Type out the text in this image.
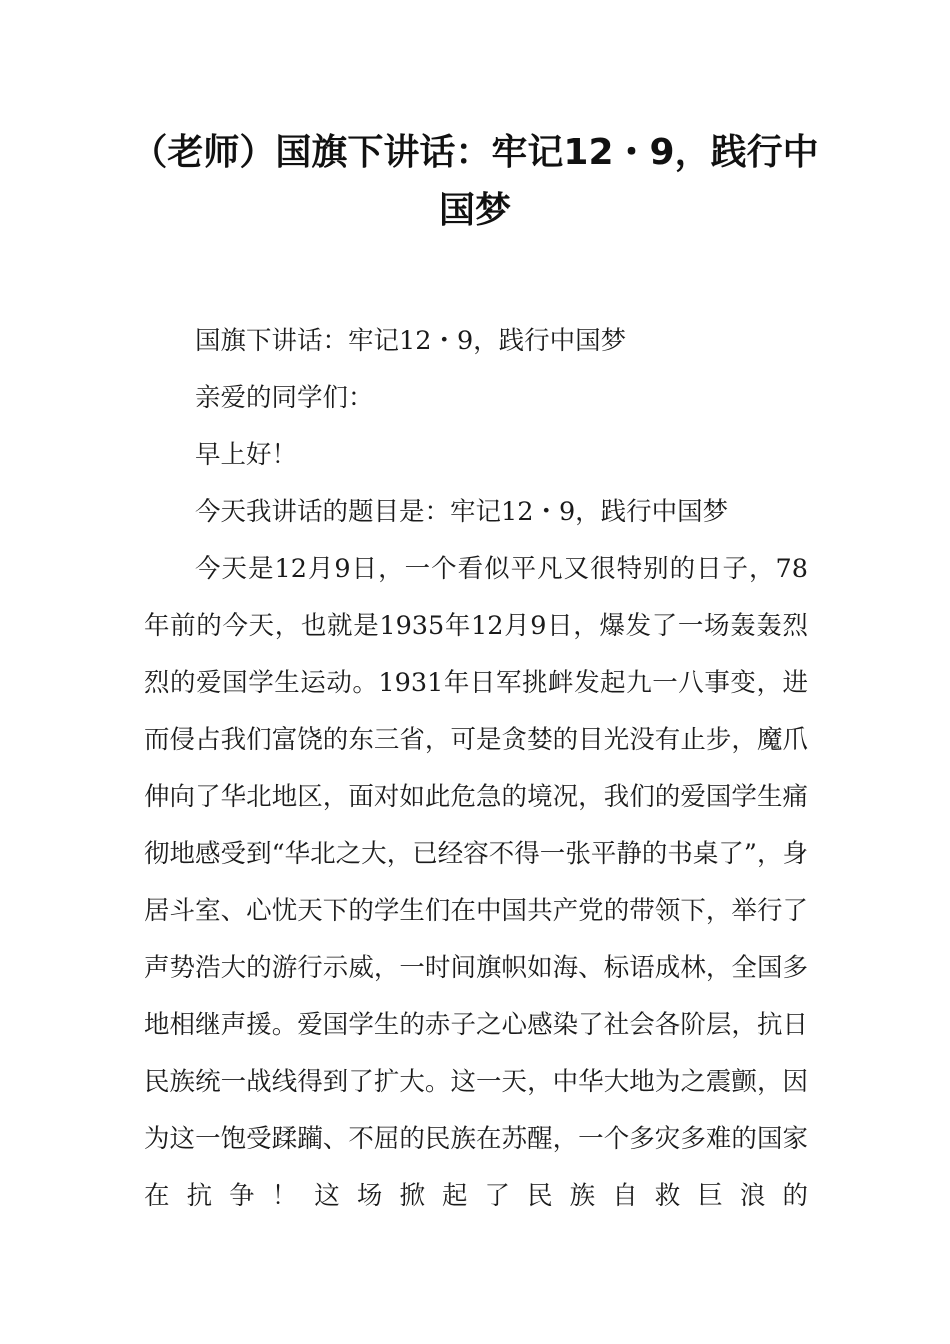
（老师）国旗下讲话：牢记12・9，践行中国梦

国旗下讲话：牢记12・9，践行中国梦

亲爱的同学们：

早上好！

今天我讲话的题目是：牢记12・9，践行中国梦

今天是12月9日，一个看似平凡又很特别的日子，78年前的今天，也就是1935年12月9日，爆发了一场轰轰烈烈的爱国学生运动。1931年日军挑衅发起九一八事变，进而侵占我们富饶的东三省，可是贪婪的目光没有止步，魔爪伸向了华北地区，面对如此危急的境况，我们的爱国学生痛彻地感受到“华北之大，已经容不得一张平静的书桌了”，身居斗室、心忧天下的学生们在中国共产党的带领下，举行了声势浩大的游行示威，一时间旗帜如海、标语成林，全国多地相继声援。爱国学生的赤子之心感染了社会各阶层，抗日民族统一战线得到了扩大。这一天，中华大地为之震颤，因为这一饱受蹂躏、不屈的民族在苏醒，一个多灾多难的国家在抗争！这场掀起了民族自救巨浪的
